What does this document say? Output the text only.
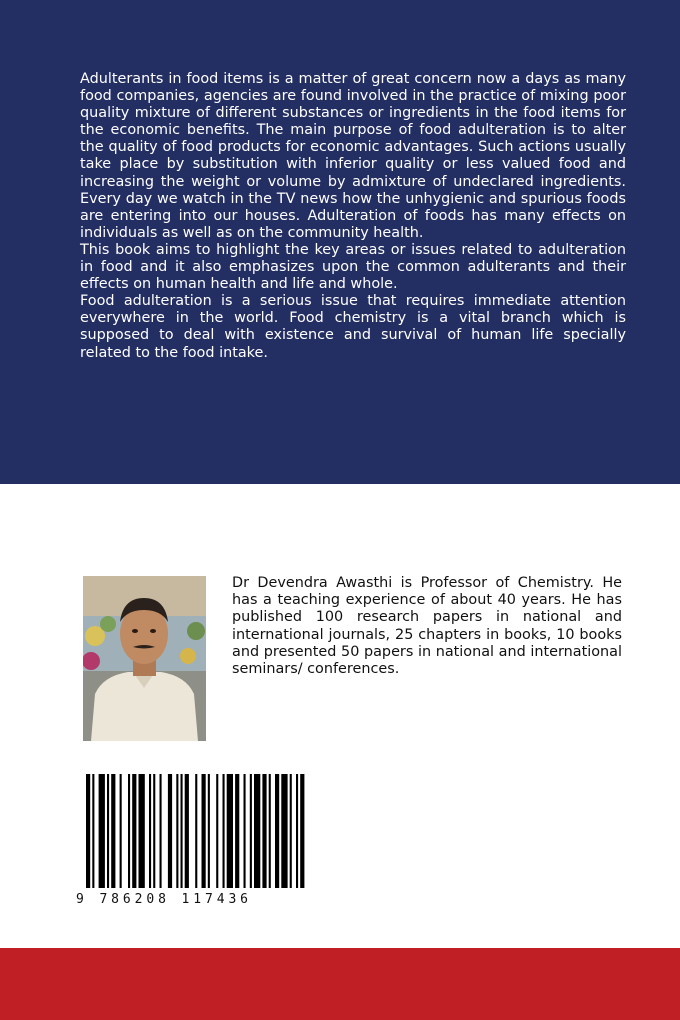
Adulterants in food items is a matter of great concern now a days as many food companies, agencies are found involved in the practice of mixing poor quality mixture of different substances or ingredients in the food items for the economic benefits. The main purpose of food adulteration is to alter the quality of food products for economic advantages. Such actions usually take place by substitution with inferior quality or less valued food and increasing the weight or volume by admixture of undeclared ingredients. Every day we watch in the TV news how the unhygienic and spurious foods are entering into our houses. Adulteration of foods has many effects on individuals as well as on the community health.

This book aims to highlight the key areas or issues related to adulteration in food and it also emphasizes upon the common adulterants and their effects on human health and life and whole.

Food adulteration is a serious issue that requires immediate attention everywhere in the world. Food chemistry is a vital branch which is supposed to deal with existence and survival of human life specially related to the food intake.

Dr Devendra Awasthi is Professor of Chemistry. He has a teaching experience of about 40 years. He has published 100 research papers in national and international journals, 25 chapters in books, 10 books and presented 50 papers in national and international seminars/ conferences.
9 786208 117436
